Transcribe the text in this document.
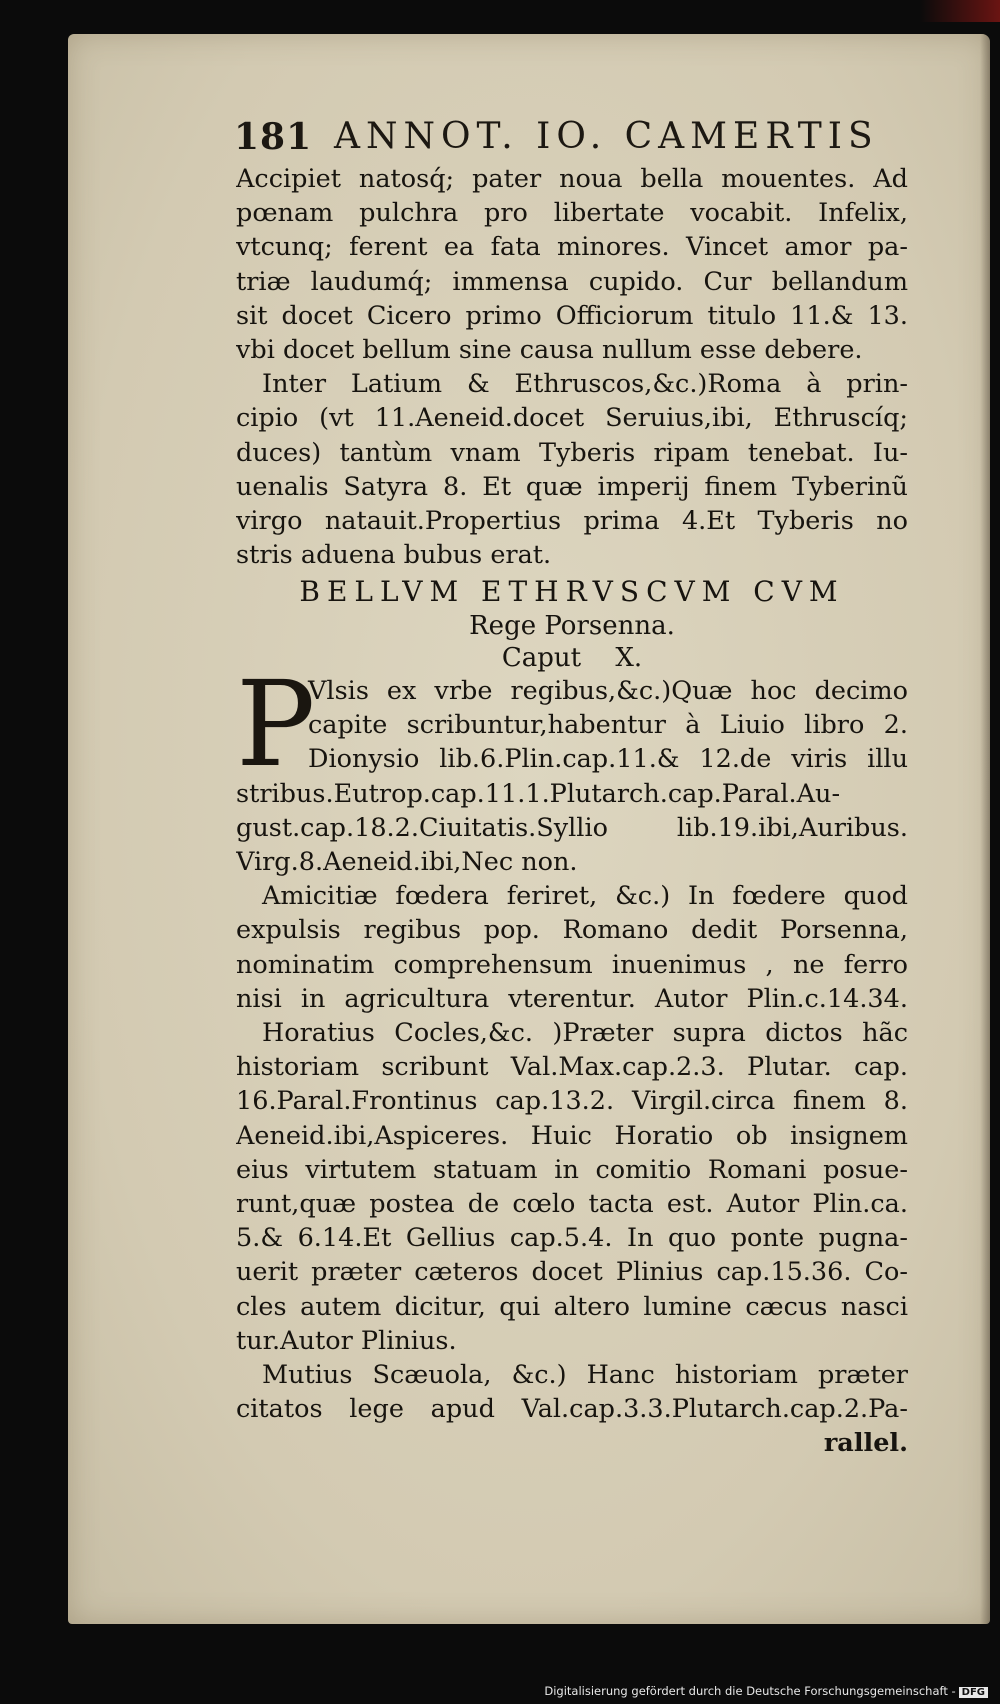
181 ANNOT. IO. CAMERTIS
Accipiet natosq́; pater noua bella mouentes. Ad
pœnam pulchra pro libertate vocabit. Infelix,
vtcunq; ferent ea fata minores. Vincet amor pa-
triæ laudumq́; immensa cupido. Cur bellandum
sit docet Cicero primo Officiorum titulo 11.& 13.
vbi docet bellum sine causa nullum esse debere.
Inter Latium & Ethruscos,&c.)Roma à prin-
cipio (vt 11.Aeneid.docet Seruius,ibi, Ethruscíq;
duces) tantùm vnam Tyberis ripam tenebat. Iu-
uenalis Satyra 8. Et quæ imperij finem Tyberinũ
virgo natauit.Propertius prima 4.Et Tyberis no
stris aduena bubus erat.
BELLVM ETHRVSCVM CVM
Rege Porsenna.
Caput X.
P
Vlsis ex vrbe regibus,&c.)Quæ hoc decimo
capite scribuntur,habentur à Liuio libro 2.
Dionysio lib.6.Plin.cap.11.& 12.de viris illu
stribus.Eutrop.cap.11.1.Plutarch.cap.Paral.Au-
gust.cap.18.2.Ciuitatis.Syllio lib.19.ibi,Auribus.
Virg.8.Aeneid.ibi,Nec non.
Amicitiæ fœdera feriret, &c.) In fœdere quod
expulsis regibus pop. Romano dedit Porsenna,
nominatim comprehensum inuenimus , ne ferro
nisi in agricultura vterentur. Autor Plin.c.14.34.
Horatius Cocles,&c. )Præter supra dictos hãc
historiam scribunt Val.Max.cap.2.3. Plutar. cap.
16.Paral.Frontinus cap.13.2. Virgil.circa finem 8.
Aeneid.ibi,Aspiceres. Huic Horatio ob insignem
eius virtutem statuam in comitio Romani posue-
runt,quæ postea de cœlo tacta est. Autor Plin.ca.
5.& 6.14.Et Gellius cap.5.4. In quo ponte pugna-
uerit præter cæteros docet Plinius cap.15.36. Co-
cles autem dicitur, qui altero lumine cæcus nasci
tur.Autor Plinius.
Mutius Scæuola, &c.) Hanc historiam præter
citatos lege apud Val.cap.3.3.Plutarch.cap.2.Pa-
rallel.
Digitalisierung gefördert durch die Deutsche Forschungsgemeinschaft - DFG
